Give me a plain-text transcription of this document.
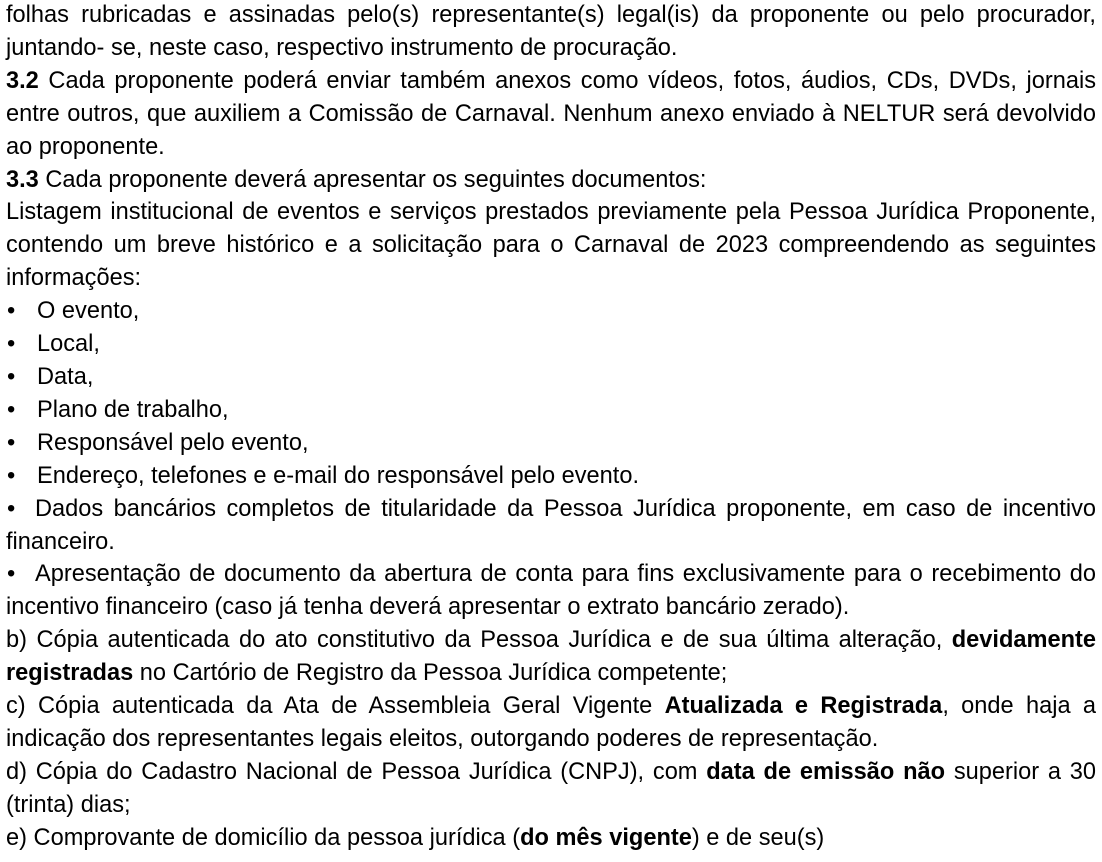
folhas rubricadas e assinadas pelo(s) representante(s) legal(is) da proponente ou pelo procurador, juntando- se, neste caso, respectivo instrumento de procuração.

3.2 Cada proponente poderá enviar também anexos como vídeos, fotos, áudios, CDs, DVDs, jornais entre outros, que auxiliem a Comissão de Carnaval. Nenhum anexo enviado à NELTUR será devolvido ao proponente.

3.3 Cada proponente deverá apresentar os seguintes documentos:

Listagem institucional de eventos e serviços prestados previamente pela Pessoa Jurídica Proponente, contendo um breve histórico e a solicitação para o Carnaval de 2023 compreendendo as seguintes informações:

• O evento,

• Local,

• Data,

• Plano de trabalho,

• Responsável pelo evento,

• Endereço, telefones e e-mail do responsável pelo evento.

• Dados bancários completos de titularidade da Pessoa Jurídica proponente, em caso de incentivo financeiro.

• Apresentação de documento da abertura de conta para fins exclusivamente para o recebimento do incentivo financeiro (caso já tenha deverá apresentar o extrato bancário zerado).

b) Cópia autenticada do ato constitutivo da Pessoa Jurídica e de sua última alteração, devidamente registradas no Cartório de Registro da Pessoa Jurídica competente;

c) Cópia autenticada da Ata de Assembleia Geral Vigente Atualizada e Registrada, onde haja a indicação dos representantes legais eleitos, outorgando poderes de representação.

d) Cópia do Cadastro Nacional de Pessoa Jurídica (CNPJ), com data de emissão não superior a 30 (trinta) dias;

e) Comprovante de domicílio da pessoa jurídica (do mês vigente) e de seu(s)
